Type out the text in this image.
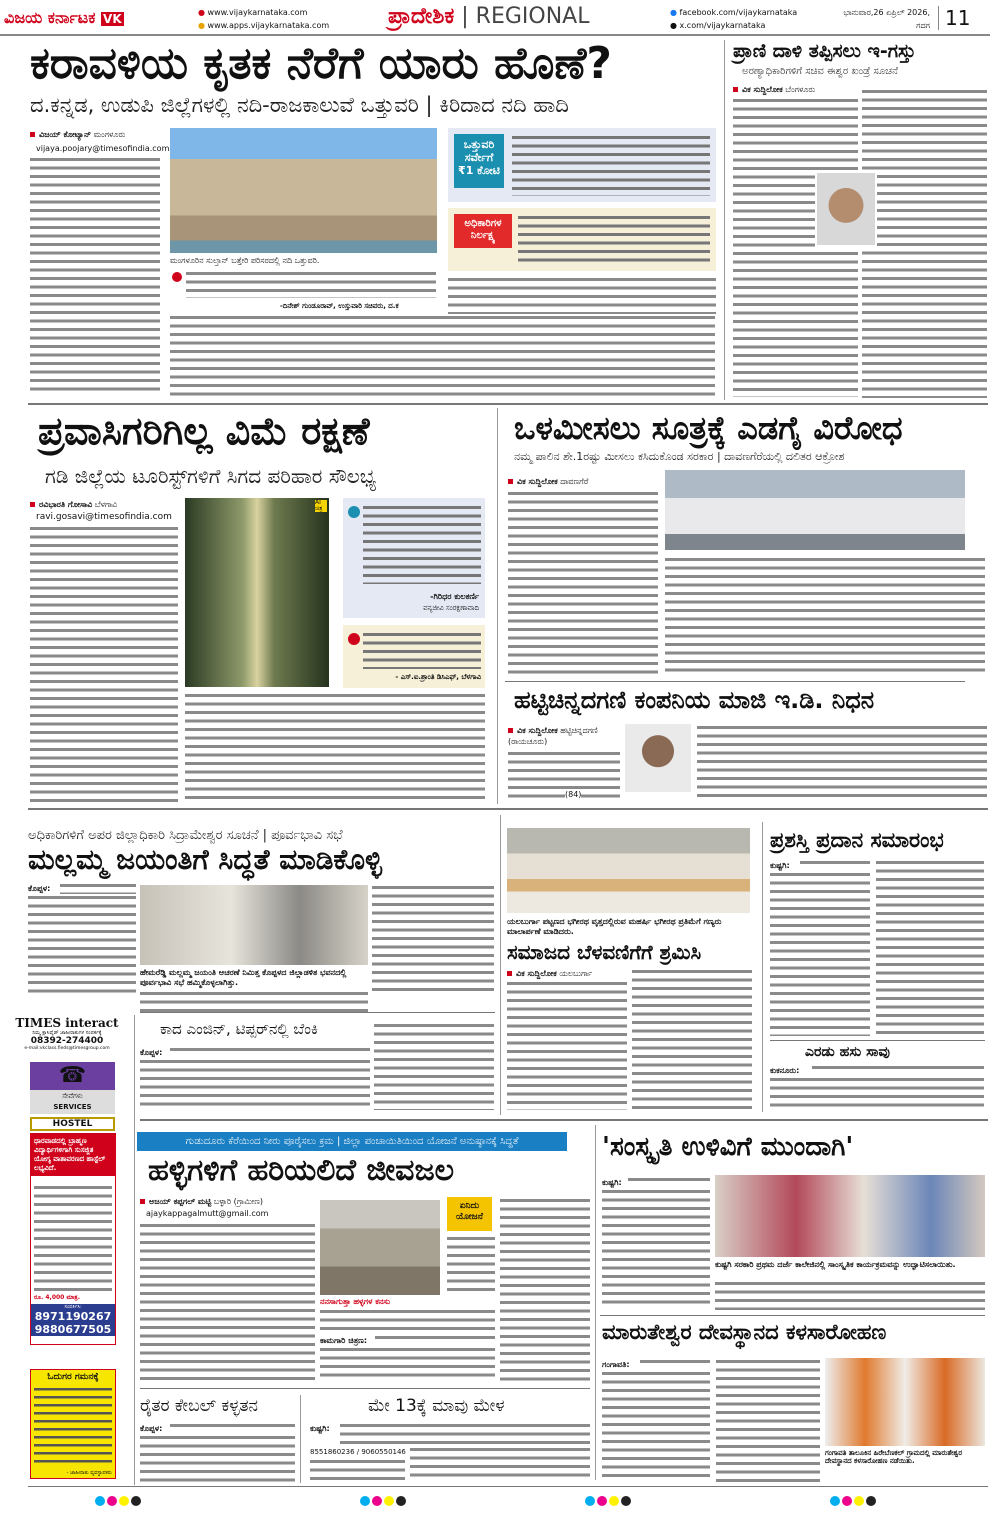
ವಿಜಯ ಕರ್ನಾಟಕ VK	● www.vijaykarnataka.com
● www.apps.vijaykarnataka.com	ಪ್ರಾದೇಶಿಕ | REGIONAL	● facebook.com/vijaykarnataka
● x.com/vijaykarnataka
ಭಾನುವಾರ,26 ಏಪ್ರಿಲ್ 2026,
ಗದಗ 11
ಕರಾವಳಿಯ ಕೃತಕ ನೆರೆಗೆ ಯಾರು ಹೊಣೆ?
ದ.ಕನ್ನಡ, ಉಡುಪಿ ಜಿಲ್ಲೆಗಳಲ್ಲಿ ನದಿ-ರಾಜಕಾಲುವೆ ಒತ್ತುವರಿ | ಕಿರಿದಾದ ನದಿ ಹಾದಿ
ವಿಜಯ್ ಕೋಟ್ಯಾನ್ ಮಂಗಳೂರು
vijaya.poojary@timesofindia.com
ಮಂಗಳೂರಿನ ಸುಲ್ತಾನ್ ಬತ್ತೇರಿ ಪರಿಸರದಲ್ಲಿ ನದಿ ಒತ್ತುವರಿ.
ಒತ್ತುವರಿ ಸರ್ವೇಗೆ ₹1 ಕೋಟಿ
ಅಧಿಕಾರಿಗಳ ನಿರ್ಲಕ್ಷ್ಯ
-ದಿನೇಶ್ ಗುಂಡೂರಾವ್, ಉಸ್ತುವಾರಿ ಸಚಿವರು, ದ.ಕ
ಪ್ರಾಣಿ ದಾಳಿ ತಪ್ಪಿಸಲು ಇ-ಗಸ್ತು
ಅರಣ್ಯಾಧಿಕಾರಿಗಳಿಗೆ ಸಚಿವ ಈಶ್ವರ ಖಂಡ್ರೆ ಸೂಚನೆ
ವಿಕ ಸುದ್ದಿಲೋಕ ಬೆಂಗಳೂರು
ಪ್ರವಾಸಿಗರಿಗಿಲ್ಲ ವಿಮೆ ರಕ್ಷಣೆ
ಗಡಿ ಜಿಲ್ಲೆಯ ಟೂರಿಸ್ಟ್‌ಗಳಿಗೆ ಸಿಗದ ಪರಿಹಾರ ಸೌಲಭ್ಯ
ರವಿಭಾರತಿ ಗೋಸಾವಿ ಬೆಳಗಾವಿ
ravi.gosavi@timesofindia.com
AI ಚಿತ್ರ
-ಗಿರಿಧರ ಕುಲಕರ್ಣಿ
ವನ್ಯಜೀವಿ ಸಂರಕ್ಷಣಾವಾದಿ
- ಎಸ್.ಐ.ಶ್ರಾಂತಿ ಡಿಸಿಎಫ್, ಬೆಳಗಾವಿ
ಒಳಮೀಸಲು ಸೂತ್ರಕ್ಕೆ ಎಡಗೈ ವಿರೋಧ
ನಮ್ಮ ಪಾಲಿನ ಶೇ.1ರಷ್ಟು ಮೀಸಲು ಕಸಿದುಕೊಂಡ ಸರಕಾರ | ದಾವಣಗೆರೆಯಲ್ಲಿ ದಲಿತರ ಆಕ್ರೋಶ
ವಿಕ ಸುದ್ದಿಲೋಕ ದಾವಣಗೆರೆ
ಹಟ್ಟಿಚಿನ್ನದಗಣಿ ಕಂಪನಿಯ ಮಾಜಿ ಇ.ಡಿ. ನಿಧನ
ವಿಕ ಸುದ್ದಿಲೋಕ ಹಟ್ಟಿಚಿನ್ನದಗಣಿ (ರಾಯಚೂರು)
(84)
ಅಧಿಕಾರಿಗಳಿಗೆ ಅಪರ ಜಿಲ್ಲಾಧಿಕಾರಿ ಸಿದ್ರಾಮೇಶ್ವರ ಸೂಚನೆ | ಪೂರ್ವಭಾವಿ ಸಭೆ
ಮಲ್ಲಮ್ಮ ಜಯಂತಿಗೆ ಸಿದ್ಧತೆ ಮಾಡಿಕೊಳ್ಳಿ
ಕೊಪ್ಪಳ:
ಹೇಮರೆಡ್ಡಿ ಮಲ್ಲಮ್ಮ ಜಯಂತಿ ಆಚರಣೆ ನಿಮಿತ್ತ ಕೊಪ್ಪಳದ ಜಿಲ್ಲಾಡಳಿತ ಭವನದಲ್ಲಿ ಪೂರ್ವಭಾವಿ ಸಭೆ ಹಮ್ಮಿಕೊಳ್ಳಲಾಗಿತ್ತು.
TIMES interact
ನಿಮ್ಮ ಕ್ಲಾಸಿಫೈಡ್ ಜಾಹೀರಾತುಗಳ ಸಂಪರ್ಕಕ್ಕೆ
08392-274400
e-mail:vkclass.fieds@timesgroup.com
☎
ಸೇವೆಗಳು
SERVICES
HOSTEL
ಧಾರವಾಡದಲ್ಲಿ ಬ್ರಾಹ್ಮಣ ವಿದ್ಯಾರ್ಥಿಗಳಿಗಾಗಿ ಸುಸಜ್ಜಿತ ಯೋಗ್ಯ ವಾತಾವರಣದ ಹಾಸ್ಟೆಲ್ ಲಭ್ಯವಿದೆ.
ರೂ. 4,000 ಮಾತ್ರ.
ಸಂಪರ್ಕಿಸಿ:
8971190267
9880677505
ಓದುಗರ ಗಮನಕ್ಕೆ
- ಜಾಹೀರಾತು ವ್ಯವಸ್ಥಾಪಕರು
ಕಾದ ಎಂಜಿನ್, ಟಿಪ್ಪರ್‌ನಲ್ಲಿ ಬೆಂಕಿ
ಕೊಪ್ಪಳ:
ಯಲಬುರ್ಗಾ ಪಟ್ಟಣದ ಭಗೀರಥ ವೃತ್ತದಲ್ಲಿರುವ ಮಹರ್ಷಿ ಭಗೀರಥ ಪ್ರತಿಮೆಗೆ ಗಣ್ಯರು ಮಾಲಾರ್ಪಣೆ ಮಾಡಿದರು.
ಸಮಾಜದ ಬೆಳವಣಿಗೆಗೆ ಶ್ರಮಿಸಿ
ವಿಕ ಸುದ್ದಿಲೋಕ ಯಲಬುರ್ಗಾ
ಪ್ರಶಸ್ತಿ ಪ್ರದಾನ ಸಮಾರಂಭ
ಕುಷ್ಟಗಿ:
ಎರಡು ಹಸು ಸಾವು
ಕುಕನೂರು:
ಗುಡುದೂರು ಕೆರೆಯಿಂದ ನೀರು ಪೂರೈಸಲು ಕ್ರಮ | ಜಿಲ್ಲಾ ಪಂಚಾಯಿತಿಯಿಂದ ಯೋಜನೆ ಅನುಷ್ಠಾನಕ್ಕೆ ಸಿದ್ಧತೆ
ಹಳ್ಳಿಗಳಿಗೆ ಹರಿಯಲಿದೆ ಜೀವಜಲ
ಅಜಯ್ ಕಪ್ಪಗಲ್ ಮಟ್ಟಿ ಬಳ್ಳಾರಿ (ಗ್ರಾಮೀಣ)
ajaykappagalmutt@gmail.com
ನನಸಾಗುತ್ತಾ ಹಳ್ಳಗಳ ಕನಸು
ಕಾಮಗಾರಿ ಚಿತ್ರಣ:
ಏನಿದು ಯೋಜನೆ
'ಸಂಸ್ಕೃತಿ ಉಳಿವಿಗೆ ಮುಂದಾಗಿ'
ಕುಷ್ಟಗಿ:
ಕುಷ್ಟಗಿ ಸರಕಾರಿ ಪ್ರಥಮ ದರ್ಜೆ ಕಾಲೇಜಿನಲ್ಲಿ ಸಾಂಸ್ಕೃತಿಕ ಕಾರ್ಯಕ್ರಮವನ್ನು ಉದ್ಘಾಟಿಸಲಾಯಿತು.
ಮಾರುತೇಶ್ವರ ದೇವಸ್ಥಾನದ ಕಳಸಾರೋಹಣ
ಗಂಗಾವತಿ:
ಗಂಗಾವತಿ ತಾಲೂಕಿನ ಹಿರೇಬೆಣಕಲ್ ಗ್ರಾಮದಲ್ಲಿ ಮಾರುತೇಶ್ವರ ದೇವಸ್ಥಾನದ ಕಳಸಾರೋಹಣ ನಡೆಯಿತು.
ರೈತರ ಕೇಬಲ್ ಕಳ್ಳತನ
ಕೊಪ್ಪಳ:
ಮೇ 13ಕ್ಕೆ ಮಾವು ಮೇಳ
ಕುಷ್ಟಗಿ:
8551860236 / 9060550146
